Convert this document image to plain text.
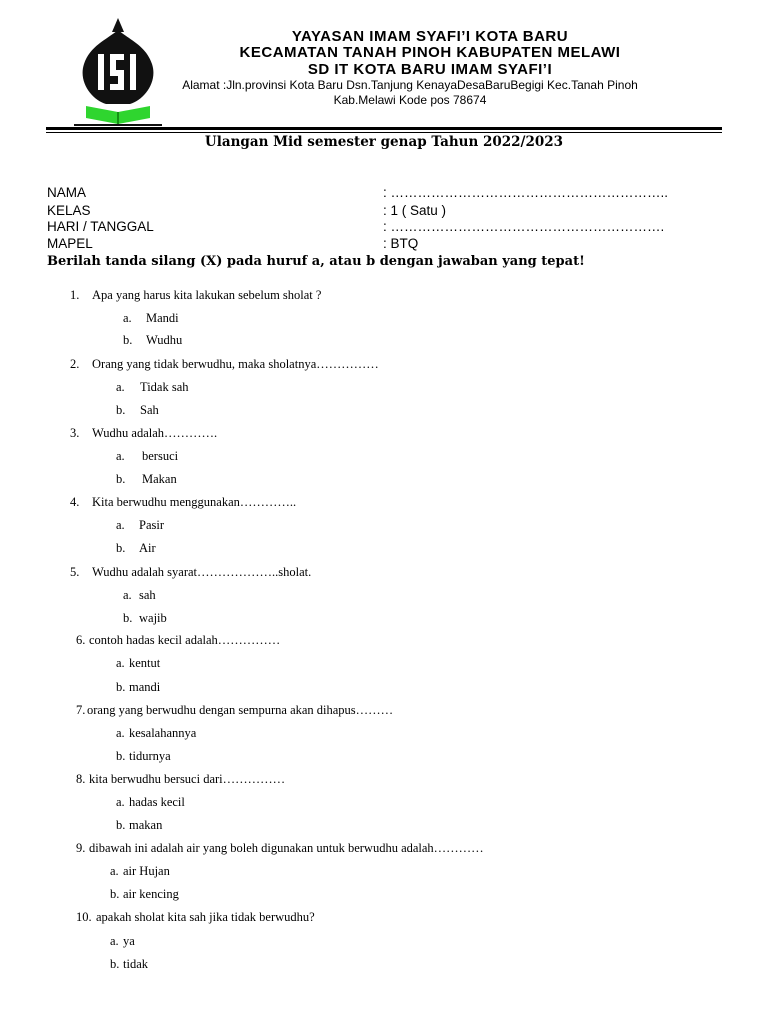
YAYASAN IMAM SYAFI’I KOTA BARU
KECAMATAN TANAH PINOH KABUPATEN MELAWI
SD IT KOTA BARU IMAM SYAFI’I
Alamat :Jln.provinsi Kota Baru Dsn.Tanjung KenayaDesaBaruBegigi Kec.Tanah Pinoh
Kab.Melawi Kode pos 78674
Ulangan Mid semester genap Tahun 2022/2023
NAMA	: ……………………………………………………..
KELAS	: 1 ( Satu )
HARI / TANGGAL	: …………………………………………………….
MAPEL	: BTQ
Berilah tanda silang (X) pada huruf a, atau b dengan jawaban yang tepat!
1. Apa yang harus kita lakukan sebelum sholat ?
a. Mandi
b. Wudhu
2. Orang yang tidak berwudhu, maka sholatnya……………
a. Tidak sah
b. Sah
3. Wudhu adalah………….
a. bersuci
b. Makan
4. Kita berwudhu menggunakan…………..
a. Pasir
b. Air
5. Wudhu adalah syarat………………..sholat.
a. sah
b. wajib
6. contoh hadas kecil adalah……………
a. kentut
b. mandi
7. orang yang berwudhu dengan sempurna akan dihapus………
a. kesalahannya
b. tidurnya
8. kita berwudhu bersuci dari……………
a. hadas kecil
b. makan
9. dibawah ini adalah air yang boleh digunakan untuk berwudhu adalah…………
a. air Hujan
b. air kencing
10. apakah sholat kita sah jika tidak berwudhu?
a. ya
b. tidak
